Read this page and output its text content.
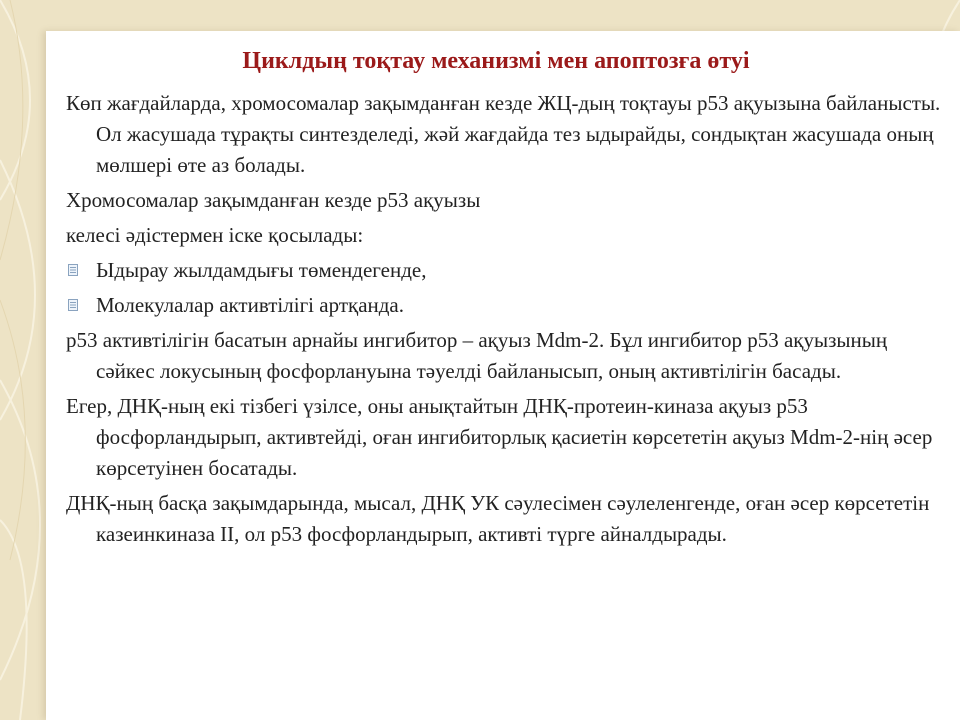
Циклдың тоқтау механизмі мен апоптозға өтуі

Көп жағдайларда, хромосомалар зақымданған кезде ЖЦ-дың тоқтауы р53 ақуызына байланысты. Ол жасушада тұрақты синтезделеді, жәй жағдайда тез ыдырайды, сондықтан жасушада оның мөлшері өте аз болады.

Хромосомалар зақымданған кезде р53 ақуызы

келесі әдістермен іске қосылады:

Ыдырау жылдамдығы төмендегенде,
Молекулалар активтілігі артқанда.

р53 активтілігін басатын арнайы ингибитор – ақуыз Mdm-2. Бұл ингибитор р53 ақуызының сәйкес локусының фосфорлануына тәуелді байланысып, оның активтілігін басады.

Егер, ДНҚ-ның екі тізбегі үзілсе, оны анықтайтын ДНҚ-протеин-киназа ақуыз р53 фосфорландырып, активтейді, оған ингибиторлық қасиетін көрсететін ақуыз Mdm-2-нің әсер көрсетуінен босатады.

ДНҚ-ның басқа зақымдарында, мысал, ДНҚ УК сәулесімен сәулеленгенде, оған әсер көрсететін казеинкиназа II, ол р53 фосфорландырып, активті түрге айналдырады.
